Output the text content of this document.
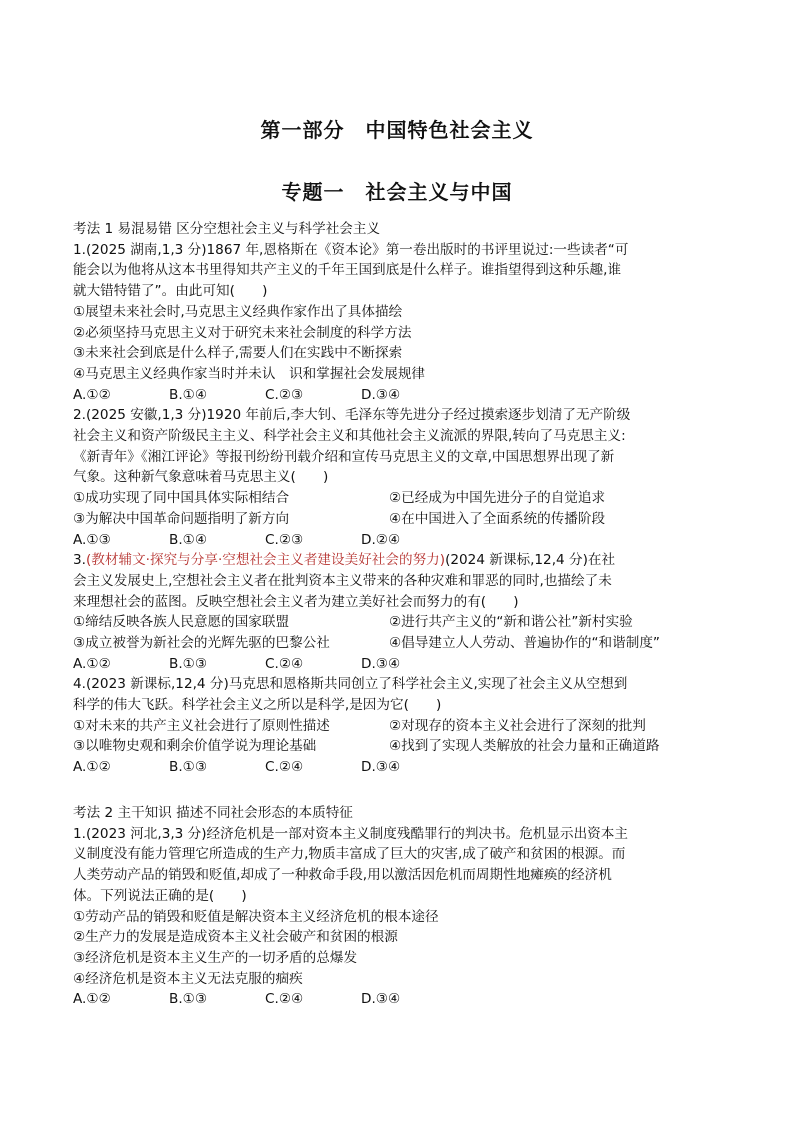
第一部分　中国特色社会主义
专题一　社会主义与中国
考法 1 易混易错 区分空想社会主义与科学社会主义
1.(2025 湖南,1,3 分)1867 年,恩格斯在《资本论》第一卷出版时的书评里说过:一些读者“可
能会以为他将从这本书里得知共产主义的千年王国到底是什么样子。谁指望得到这种乐趣,谁
就大错特错了”。由此可知(　　)
①展望未来社会时,马克思主义经典作家作出了具体描绘
②必须坚持马克思主义对于研究未来社会制度的科学方法
③未来社会到底是什么样子,需要人们在实践中不断探索
④马克思主义经典作家当时并未认　识和掌握社会发展规律
A.①②	B.①④	C.②③	D.③④
2.(2025 安徽,1,3 分)1920 年前后,李大钊、毛泽东等先进分子经过摸索逐步划清了无产阶级
社会主义和资产阶级民主主义、科学社会主义和其他社会主义流派的界限,转向了马克思主义:
《新青年》《湘江评论》等报刊纷纷刊载介绍和宣传马克思主义的文章,中国思想界出现了新
气象。这种新气象意味着马克思主义(　　)
①成功实现了同中国具体实际相结合	②已经成为中国先进分子的自觉追求
③为解决中国革命问题指明了新方向	④在中国进入了全面系统的传播阶段
A.①③	B.①④	C.②③	D.②④
3.(教材辅文·探究与分享·空想社会主义者建设美好社会的努力)(2024 新课标,12,4 分)在社
会主义发展史上,空想社会主义者在批判资本主义带来的各种灾难和罪恶的同时,也描绘了未
来理想社会的蓝图。反映空想社会主义者为建立美好社会而努力的有(　　)
①缔结反映各族人民意愿的国家联盟	②进行共产主义的“新和谐公社”新村实验
③成立被誉为新社会的光辉先驱的巴黎公社	④倡导建立人人劳动、普遍协作的“和谐制度”
A.①②	B.①③	C.②④	D.③④
4.(2023 新课标,12,4 分)马克思和恩格斯共同创立了科学社会主义,实现了社会主义从空想到
科学的伟大飞跃。科学社会主义之所以是科学,是因为它(　　)
①对未来的共产主义社会进行了原则性描述	②对现存的资本主义社会进行了深刻的批判
③以唯物史观和剩余价值学说为理论基础	④找到了实现人类解放的社会力量和正确道路
A.①②	B.①③	C.②④	D.③④
考法 2 主干知识 描述不同社会形态的本质特征
1.(2023 河北,3,3 分)经济危机是一部对资本主义制度残酷罪行的判决书。危机显示出资本主
义制度没有能力管理它所造成的生产力,物质丰富成了巨大的灾害,成了破产和贫困的根源。而
人类劳动产品的销毁和贬值,却成了一种救命手段,用以激活因危机而周期性地瘫痪的经济机
体。下列说法正确的是(　　)
①劳动产品的销毁和贬值是解决资本主义经济危机的根本途径
②生产力的发展是造成资本主义社会破产和贫困的根源
③经济危机是资本主义生产的一切矛盾的总爆发
④经济危机是资本主义无法克服的痼疾
A.①②	B.①③	C.②④	D.③④
